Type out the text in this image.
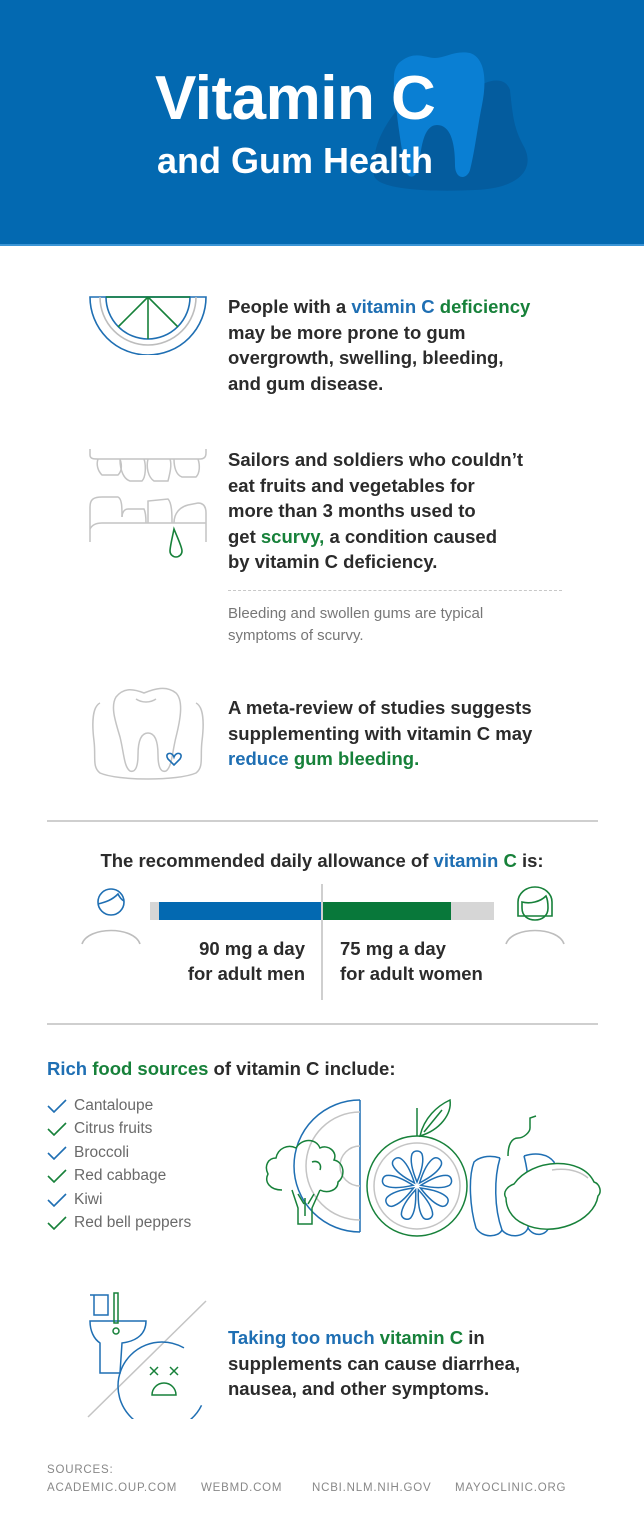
Vitamin C
and Gum Health
People with a vitamin C deficiency
may be more prone to gum
overgrowth, swelling, bleeding,
and gum disease.
Sailors and soldiers who couldn’t
eat fruits and vegetables for
more than 3 months used to
get scurvy, a condition caused
by vitamin C deficiency.
Bleeding and swollen gums are typical
symptoms of scurvy.
A meta-review of studies suggests
supplementing with vitamin C may
reduce gum bleeding.
The recommended daily allowance of vitamin C is:
90 mg a day
for adult men
75 mg a day
for adult women
Rich food sources of vitamin C include:
Cantaloupe
Citrus fruits
Broccoli
Red cabbage
Kiwi
Red bell peppers
Taking too much vitamin C in
supplements can cause diarrhea,
nausea, and other symptoms.
SOURCES:
ACADEMIC.OUP.COM WEBMD.COM	NCBI.NLM.NIH.GOV MAYOCLINIC.ORG
